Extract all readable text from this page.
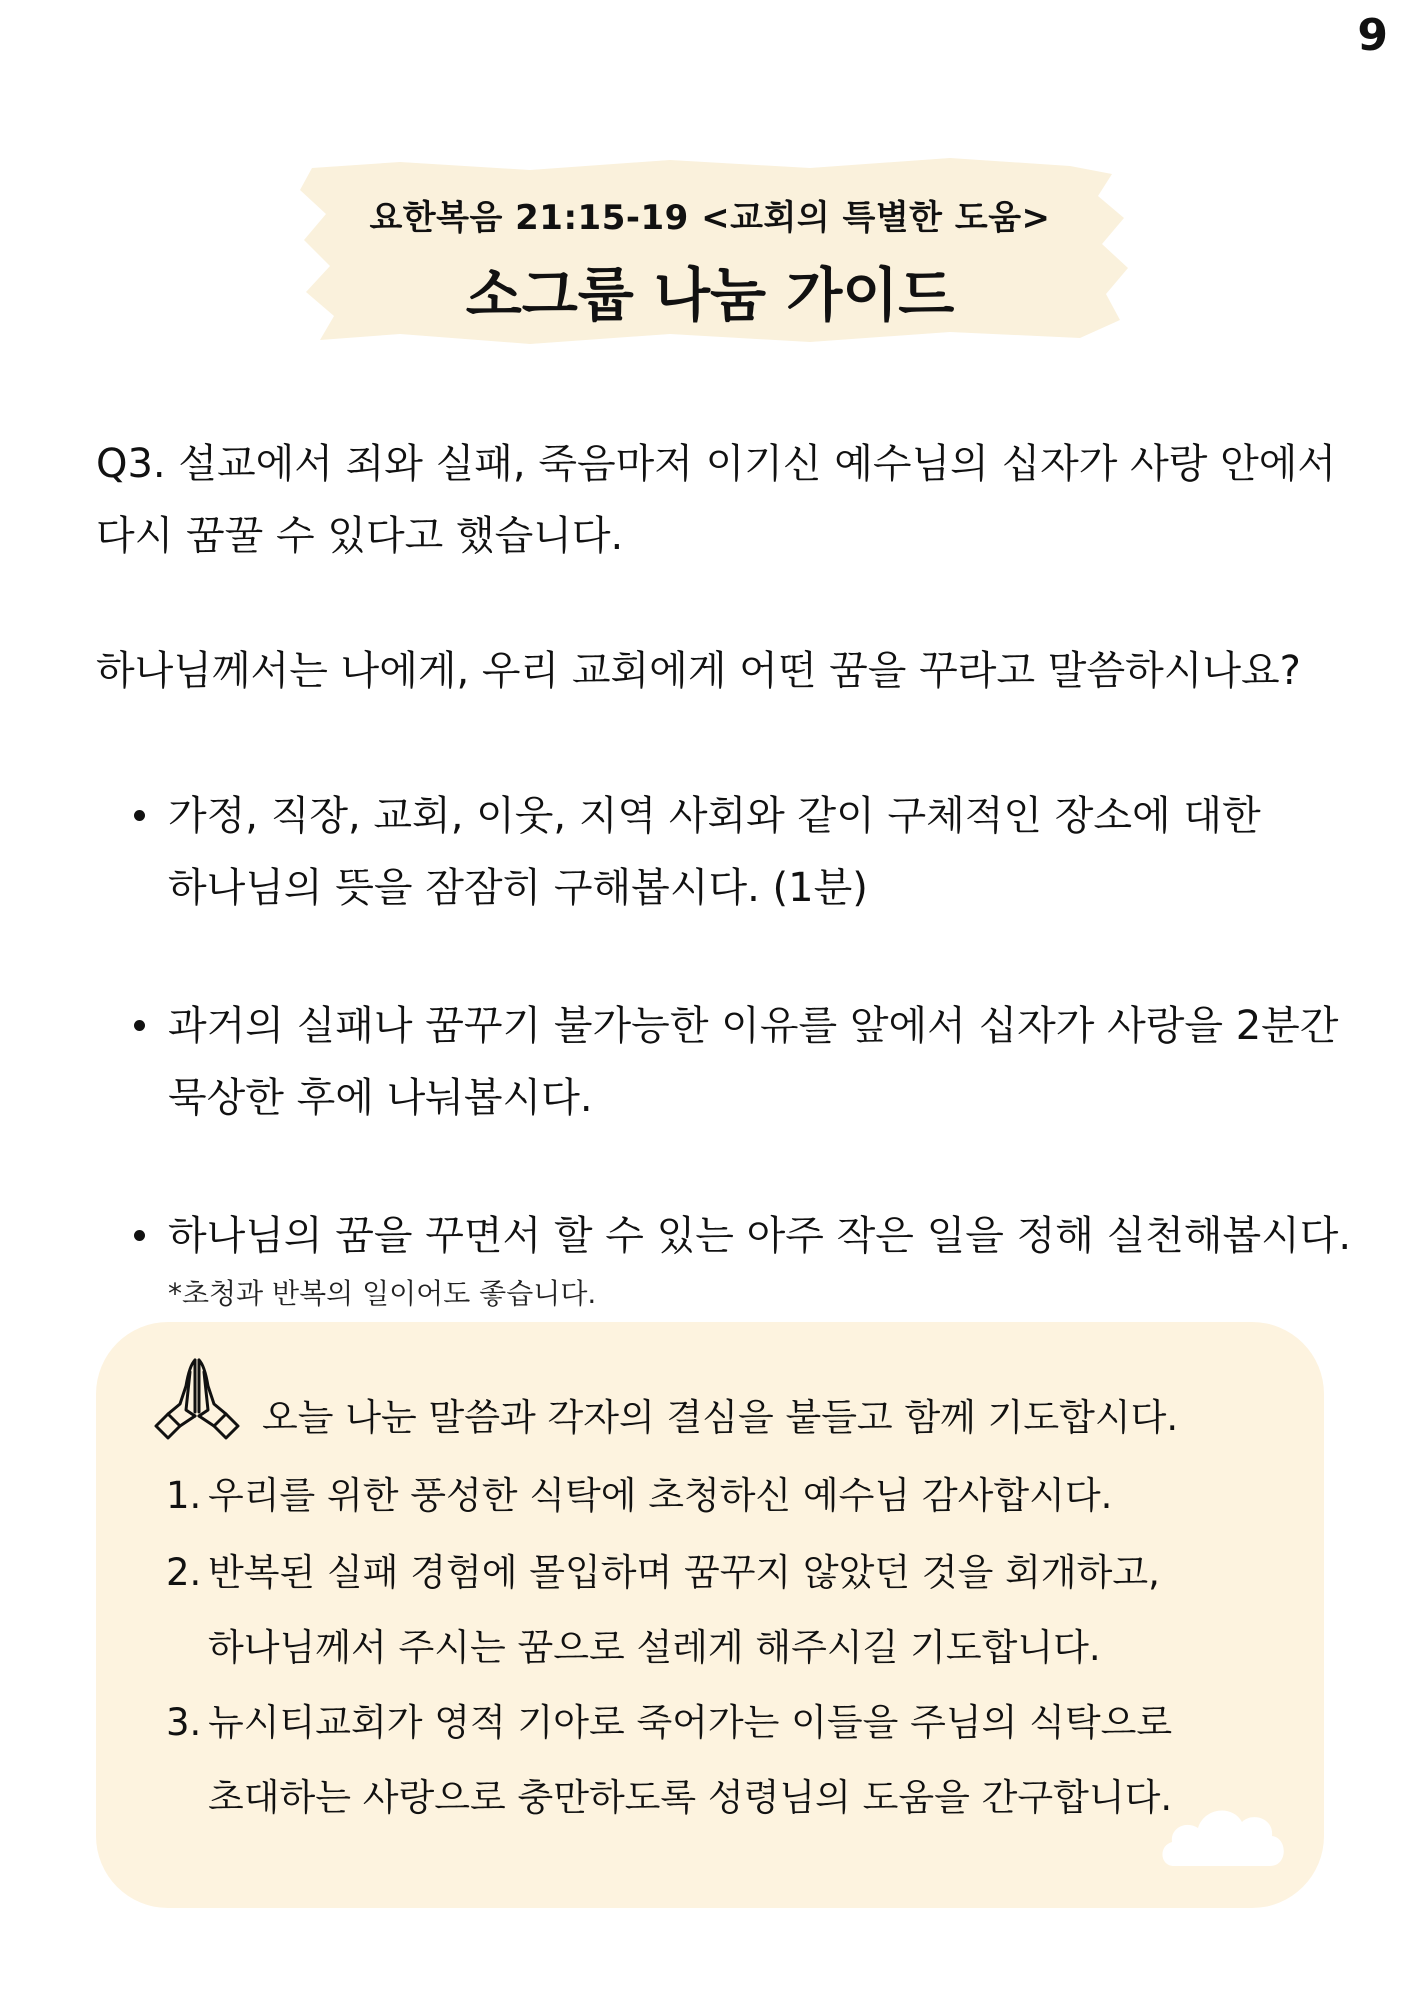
9
요한복음 21:15-19 <교회의 특별한 도움>
소그룹 나눔 가이드
Q3. 설교에서 죄와 실패, 죽음마저 이기신 예수님의 십자가 사랑 안에서
다시 꿈꿀 수 있다고 했습니다.
하나님께서는 나에게, 우리 교회에게 어떤 꿈을 꾸라고 말씀하시나요?
가정, 직장, 교회, 이웃, 지역 사회와 같이 구체적인 장소에 대한
하나님의 뜻을 잠잠히 구해봅시다. (1분)
과거의 실패나 꿈꾸기 불가능한 이유를 앞에서 십자가 사랑을 2분간
묵상한 후에 나눠봅시다.
하나님의 꿈을 꾸면서 할 수 있는 아주 작은 일을 정해 실천해봅시다.
*초청과 반복의 일이어도 좋습니다.
오늘 나눈 말씀과 각자의 결심을 붙들고 함께 기도합시다.
1. 우리를 위한 풍성한 식탁에 초청하신 예수님 감사합시다.
2. 반복된 실패 경험에 몰입하며 꿈꾸지 않았던 것을 회개하고,
하나님께서 주시는 꿈으로 설레게 해주시길 기도합니다.
3. 뉴시티교회가 영적 기아로 죽어가는 이들을 주님의 식탁으로
초대하는 사랑으로 충만하도록 성령님의 도움을 간구합니다.
